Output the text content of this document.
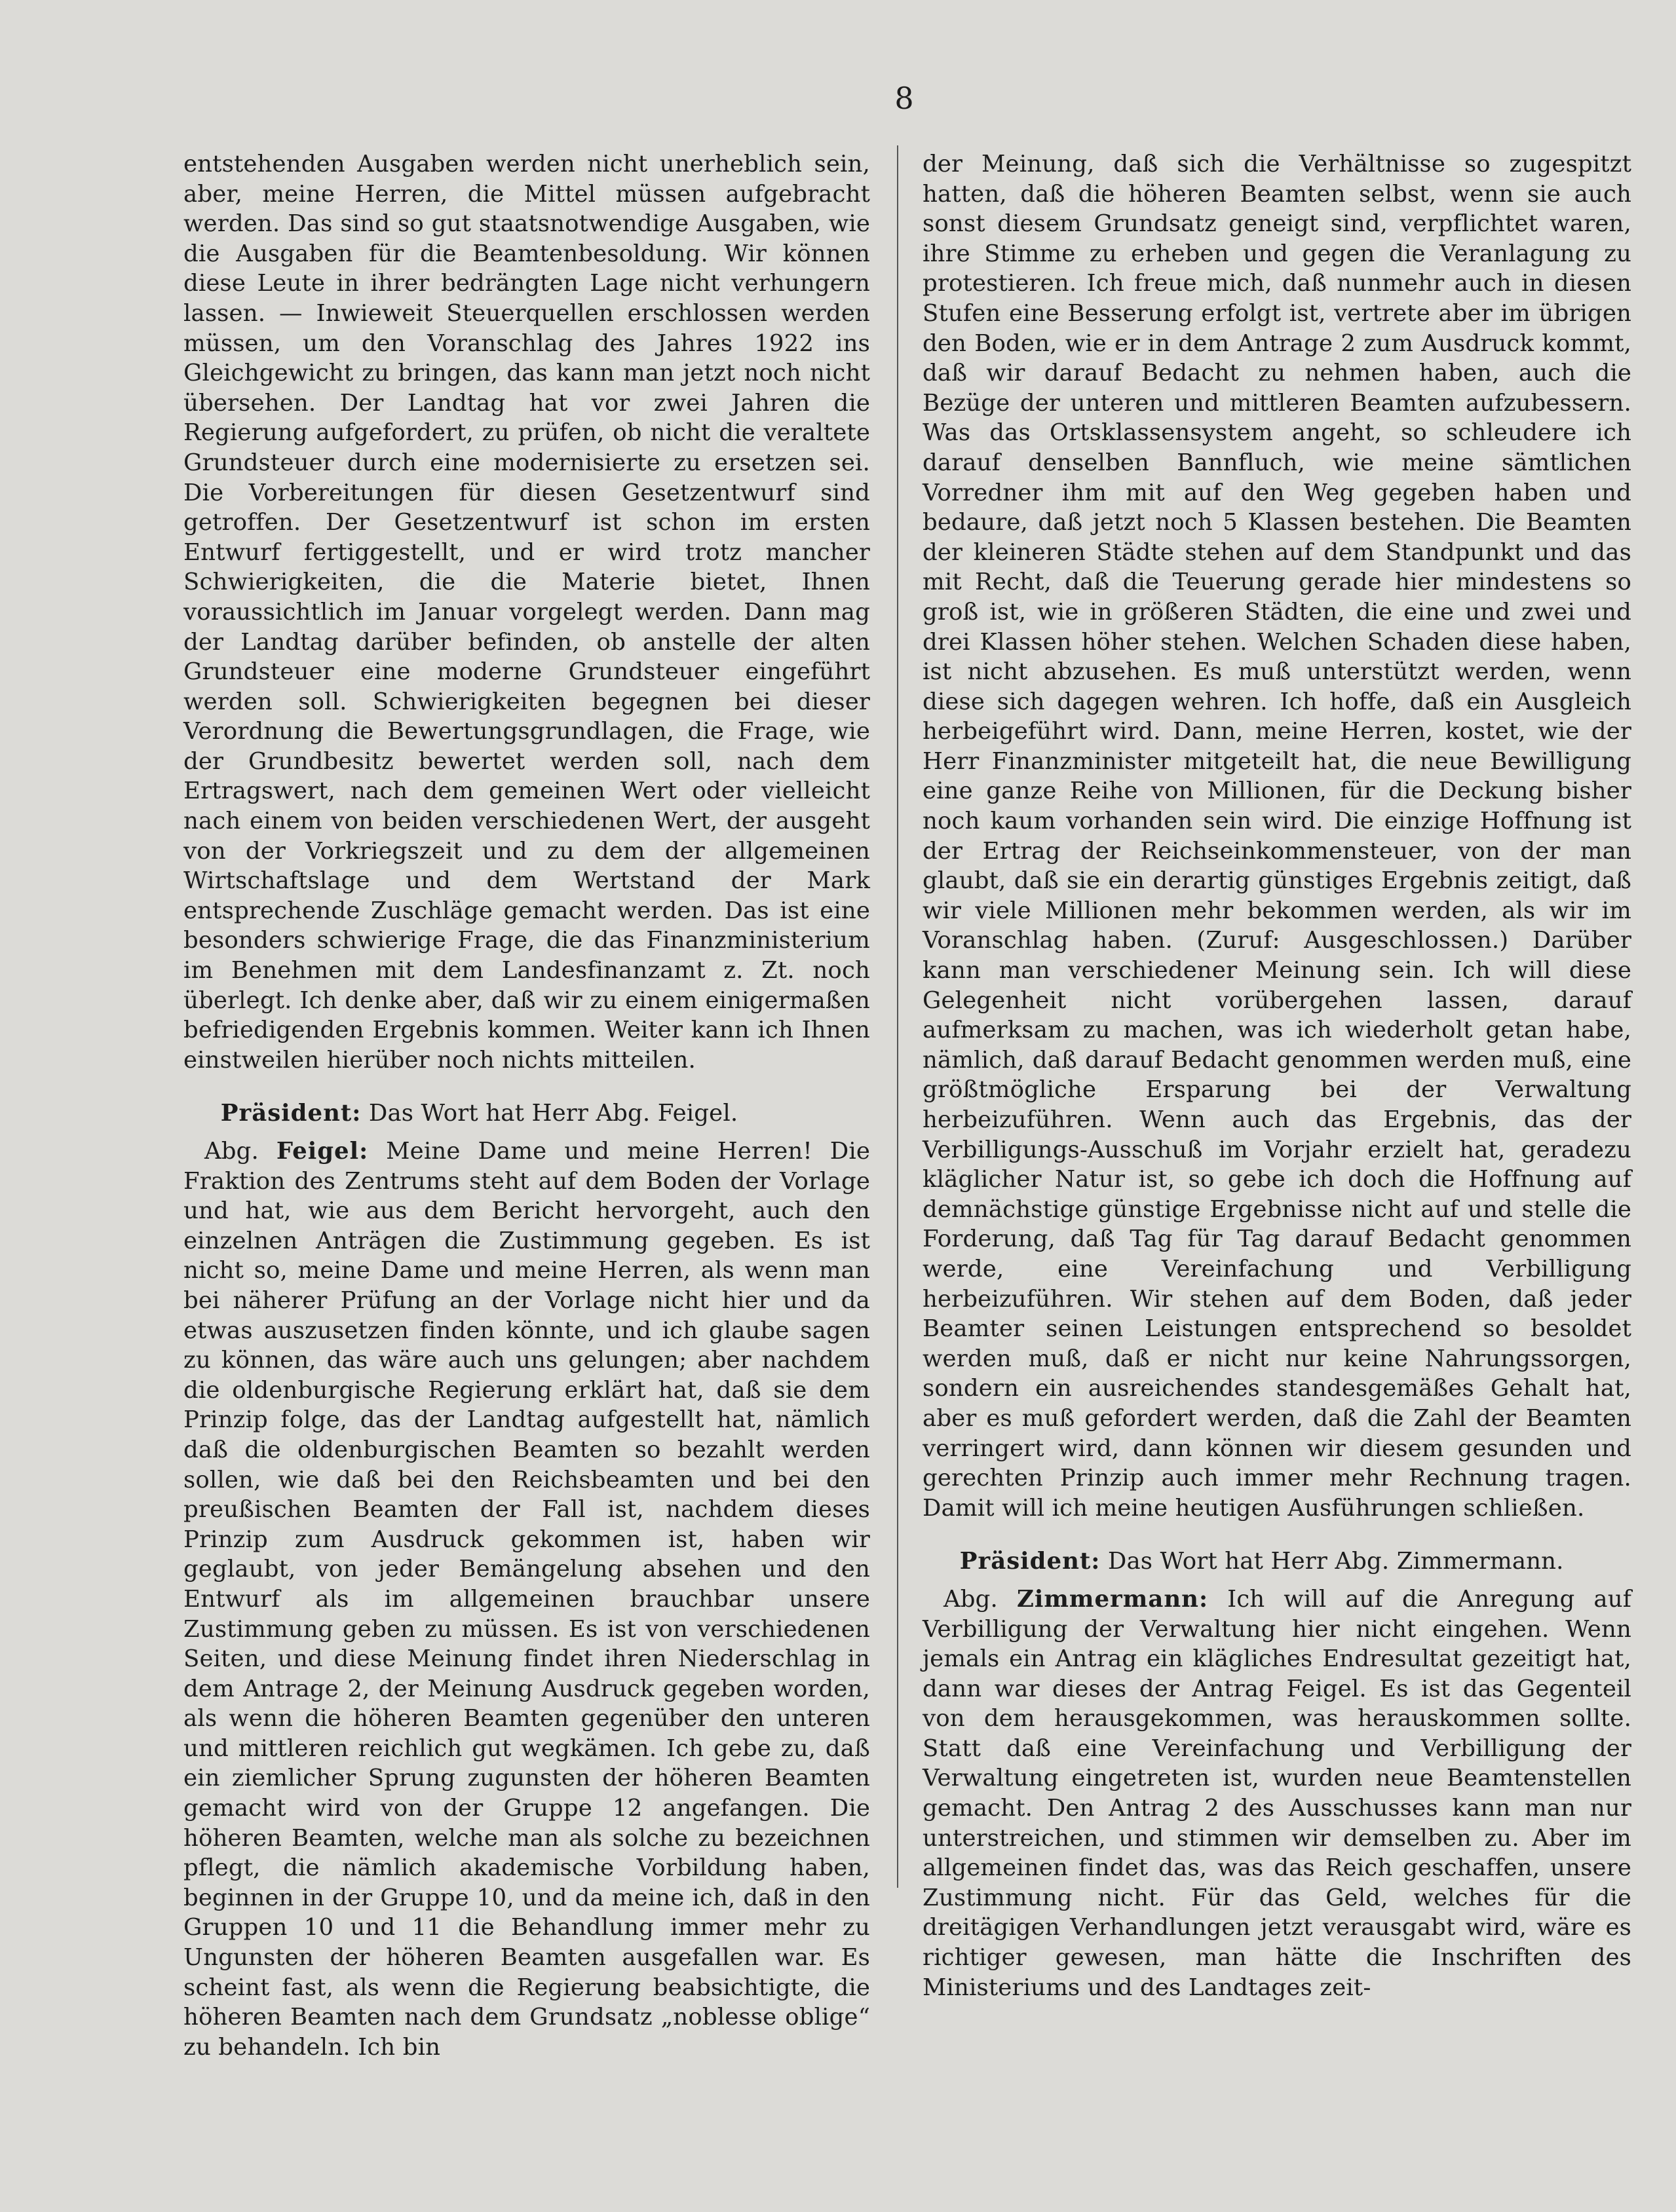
8

entstehenden Ausgaben werden nicht unerheblich sein, aber, meine Herren, die Mittel müssen aufgebracht werden. Das sind so gut staatsnotwendige Ausgaben, wie die Ausgaben für die Beamtenbesoldung. Wir können diese Leute in ihrer bedrängten Lage nicht verhungern lassen. — Inwieweit Steuerquellen erschlossen werden müssen, um den Voranschlag des Jahres 1922 ins Gleichgewicht zu bringen, das kann man jetzt noch nicht übersehen. Der Landtag hat vor zwei Jahren die Regierung aufgefordert, zu prüfen, ob nicht die veraltete Grundsteuer durch eine modernisierte zu ersetzen sei. Die Vorbereitungen für diesen Gesetzentwurf sind getroffen. Der Gesetzentwurf ist schon im ersten Entwurf fertiggestellt, und er wird trotz mancher Schwierigkeiten, die die Materie bietet, Ihnen voraussichtlich im Januar vorgelegt werden. Dann mag der Landtag darüber befinden, ob anstelle der alten Grundsteuer eine moderne Grundsteuer eingeführt werden soll. Schwierigkeiten begegnen bei dieser Verordnung die Bewertungsgrundlagen, die Frage, wie der Grundbesitz bewertet werden soll, nach dem Ertragswert, nach dem gemeinen Wert oder vielleicht nach einem von beiden verschiedenen Wert, der ausgeht von der Vorkriegszeit und zu dem der allgemeinen Wirtschaftslage und dem Wertstand der Mark entsprechende Zuschläge gemacht werden. Das ist eine besonders schwierige Frage, die das Finanzministerium im Benehmen mit dem Landesfinanzamt z. Zt. noch überlegt. Ich denke aber, daß wir zu einem einigermaßen befriedigenden Ergebnis kommen. Weiter kann ich Ihnen einstweilen hierüber noch nichts mitteilen.

Präsident: Das Wort hat Herr Abg. Feigel.

Abg. Feigel: Meine Dame und meine Herren! Die Fraktion des Zentrums steht auf dem Boden der Vorlage und hat, wie aus dem Bericht hervorgeht, auch den einzelnen Anträgen die Zustimmung gegeben. Es ist nicht so, meine Dame und meine Herren, als wenn man bei näherer Prüfung an der Vorlage nicht hier und da etwas auszusetzen finden könnte, und ich glaube sagen zu können, das wäre auch uns gelungen; aber nachdem die oldenburgische Regierung erklärt hat, daß sie dem Prinzip folge, das der Landtag aufgestellt hat, nämlich daß die oldenburgischen Beamten so bezahlt werden sollen, wie daß bei den Reichsbeamten und bei den preußischen Beamten der Fall ist, nachdem dieses Prinzip zum Ausdruck gekommen ist, haben wir geglaubt, von jeder Bemängelung absehen und den Entwurf als im allgemeinen brauchbar unsere Zustimmung geben zu müssen. Es ist von verschiedenen Seiten, und diese Meinung findet ihren Niederschlag in dem Antrage 2, der Meinung Ausdruck gegeben worden, als wenn die höheren Beamten gegenüber den unteren und mittleren reichlich gut wegkämen. Ich gebe zu, daß ein ziemlicher Sprung zugunsten der höheren Beamten gemacht wird von der Gruppe 12 angefangen. Die höheren Beamten, welche man als solche zu bezeichnen pflegt, die nämlich akademische Vorbildung haben, beginnen in der Gruppe 10, und da meine ich, daß in den Gruppen 10 und 11 die Behandlung immer mehr zu Ungunsten der höheren Beamten ausgefallen war. Es scheint fast, als wenn die Regierung beabsichtigte, die höheren Beamten nach dem Grundsatz „noblesse oblige“ zu behandeln. Ich bin

der Meinung, daß sich die Verhältnisse so zugespitzt hatten, daß die höheren Beamten selbst, wenn sie auch sonst diesem Grundsatz geneigt sind, verpflichtet waren, ihre Stimme zu erheben und gegen die Veranlagung zu protestieren. Ich freue mich, daß nunmehr auch in diesen Stufen eine Besserung erfolgt ist, vertrete aber im übrigen den Boden, wie er in dem Antrage 2 zum Ausdruck kommt, daß wir darauf Bedacht zu nehmen haben, auch die Bezüge der unteren und mittleren Beamten aufzubessern. Was das Ortsklassensystem angeht, so schleudere ich darauf denselben Bannfluch, wie meine sämtlichen Vorredner ihm mit auf den Weg gegeben haben und bedaure, daß jetzt noch 5 Klassen bestehen. Die Beamten der kleineren Städte stehen auf dem Standpunkt und das mit Recht, daß die Teuerung gerade hier mindestens so groß ist, wie in größeren Städten, die eine und zwei und drei Klassen höher stehen. Welchen Schaden diese haben, ist nicht abzusehen. Es muß unterstützt werden, wenn diese sich dagegen wehren. Ich hoffe, daß ein Ausgleich herbeigeführt wird. Dann, meine Herren, kostet, wie der Herr Finanzminister mitgeteilt hat, die neue Bewilligung eine ganze Reihe von Millionen, für die Deckung bisher noch kaum vorhanden sein wird. Die einzige Hoffnung ist der Ertrag der Reichseinkommensteuer, von der man glaubt, daß sie ein derartig günstiges Ergebnis zeitigt, daß wir viele Millionen mehr bekommen werden, als wir im Voranschlag haben. (Zuruf: Ausgeschlossen.) Darüber kann man verschiedener Meinung sein. Ich will diese Gelegenheit nicht vorübergehen lassen, darauf aufmerksam zu machen, was ich wiederholt getan habe, nämlich, daß darauf Bedacht genommen werden muß, eine größtmögliche Ersparung bei der Verwaltung herbeizuführen. Wenn auch das Ergebnis, das der Verbilligungs-Ausschuß im Vorjahr erzielt hat, geradezu kläglicher Natur ist, so gebe ich doch die Hoffnung auf demnächstige günstige Ergebnisse nicht auf und stelle die Forderung, daß Tag für Tag darauf Bedacht genommen werde, eine Vereinfachung und Verbilligung herbeizuführen. Wir stehen auf dem Boden, daß jeder Beamter seinen Leistungen entsprechend so besoldet werden muß, daß er nicht nur keine Nahrungssorgen, sondern ein ausreichendes standesgemäßes Gehalt hat, aber es muß gefordert werden, daß die Zahl der Beamten verringert wird, dann können wir diesem gesunden und gerechten Prinzip auch immer mehr Rechnung tragen. Damit will ich meine heutigen Ausführungen schließen.

Präsident: Das Wort hat Herr Abg. Zimmermann.

Abg. Zimmermann: Ich will auf die Anregung auf Verbilligung der Verwaltung hier nicht eingehen. Wenn jemals ein Antrag ein klägliches Endresultat gezeitigt hat, dann war dieses der Antrag Feigel. Es ist das Gegenteil von dem herausgekommen, was herauskommen sollte. Statt daß eine Vereinfachung und Verbilligung der Verwaltung eingetreten ist, wurden neue Beamtenstellen gemacht. Den Antrag 2 des Ausschusses kann man nur unterstreichen, und stimmen wir demselben zu. Aber im allgemeinen findet das, was das Reich geschaffen, unsere Zustimmung nicht. Für das Geld, welches für die dreitägigen Verhandlungen jetzt verausgabt wird, wäre es richtiger gewesen, man hätte die Inschriften des Ministeriums und des Landtages zeit-
